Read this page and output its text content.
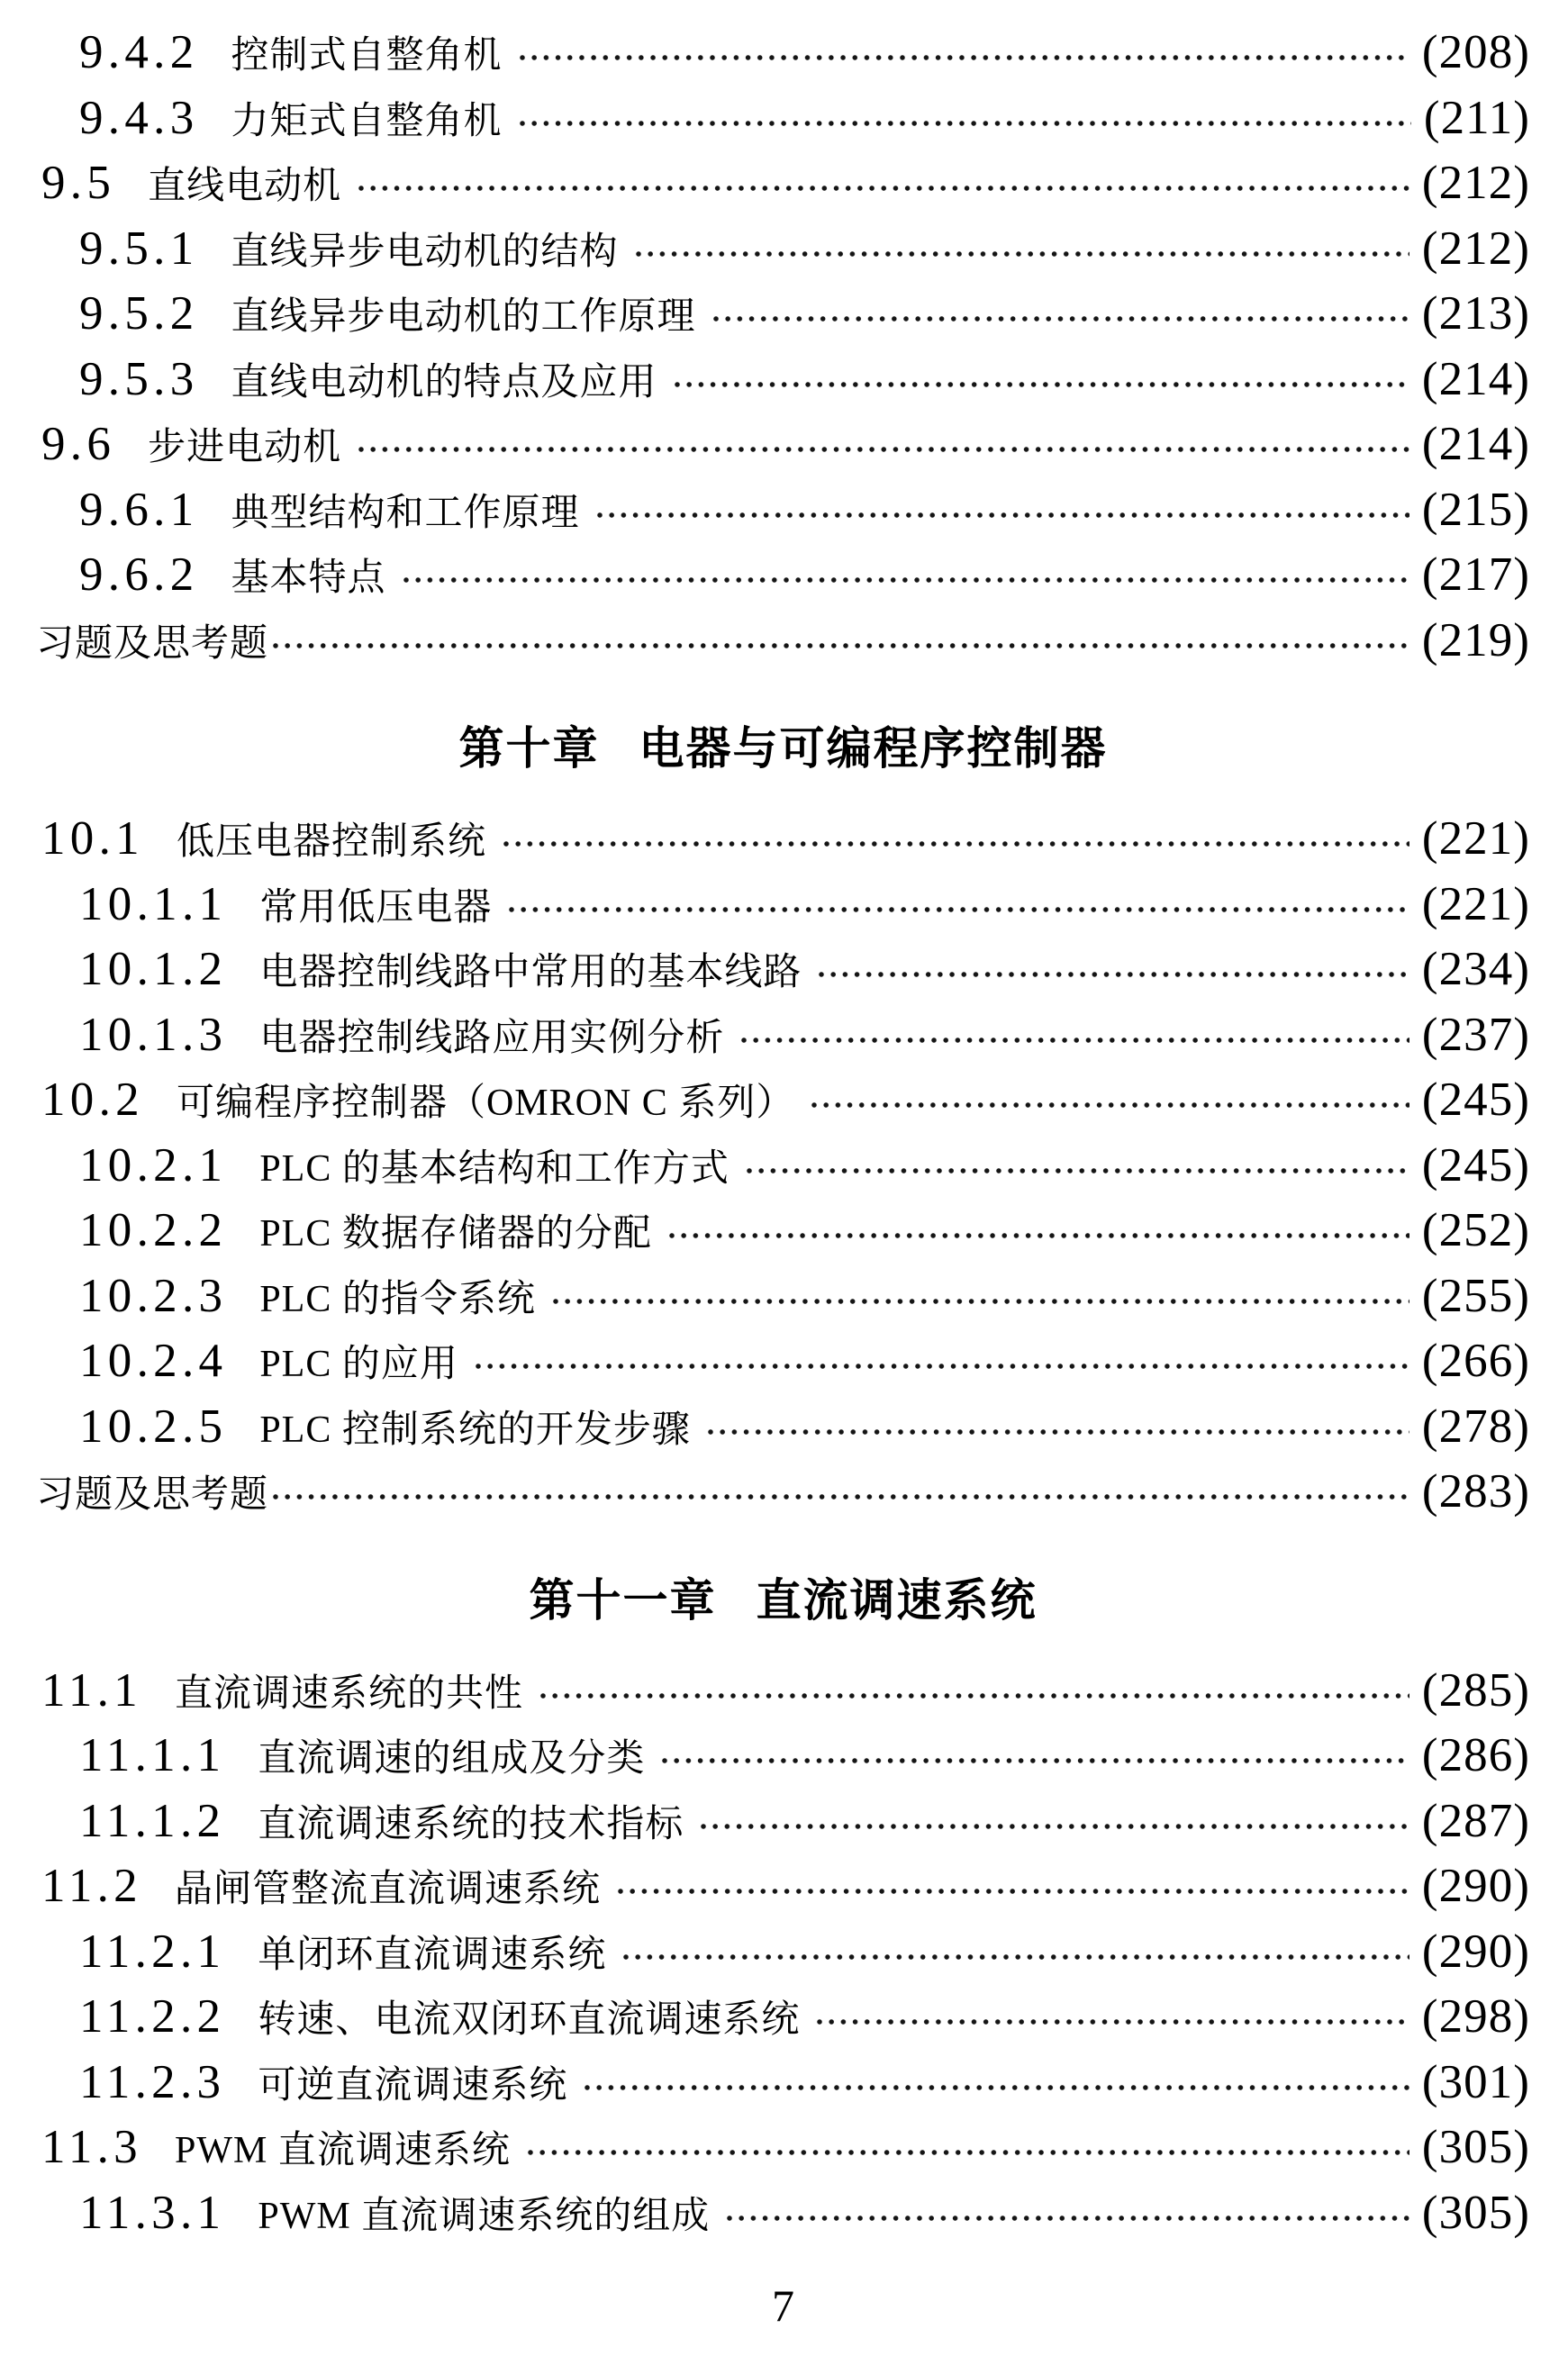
9.4.2 控制式自整角机	(208)
9.4.3 力矩式自整角机	(211)
9.5 直线电动机	(212)
9.5.1 直线异步电动机的结构	(212)
9.5.2 直线异步电动机的工作原理	(213)
9.5.3 直线电动机的特点及应用	(214)
9.6 步进电动机	(214)
9.6.1 典型结构和工作原理	(215)
9.6.2 基本特点	(217)
习题及思考题	(219)
第十章 电器与可编程序控制器
10.1 低压电器控制系统	(221)
10.1.1 常用低压电器	(221)
10.1.2 电器控制线路中常用的基本线路	(234)
10.1.3 电器控制线路应用实例分析	(237)
10.2 可编程序控制器（OMRON C 系列）	(245)
10.2.1 PLC 的基本结构和工作方式	(245)
10.2.2 PLC 数据存储器的分配	(252)
10.2.3 PLC 的指令系统	(255)
10.2.4 PLC 的应用	(266)
10.2.5 PLC 控制系统的开发步骤	(278)
习题及思考题	(283)
第十一章 直流调速系统
11.1 直流调速系统的共性	(285)
11.1.1 直流调速的组成及分类	(286)
11.1.2 直流调速系统的技术指标	(287)
11.2 晶闸管整流直流调速系统	(290)
11.2.1 单闭环直流调速系统	(290)
11.2.2 转速、电流双闭环直流调速系统	(298)
11.2.3 可逆直流调速系统	(301)
11.3 PWM 直流调速系统	(305)
11.3.1 PWM 直流调速系统的组成	(305)
7
